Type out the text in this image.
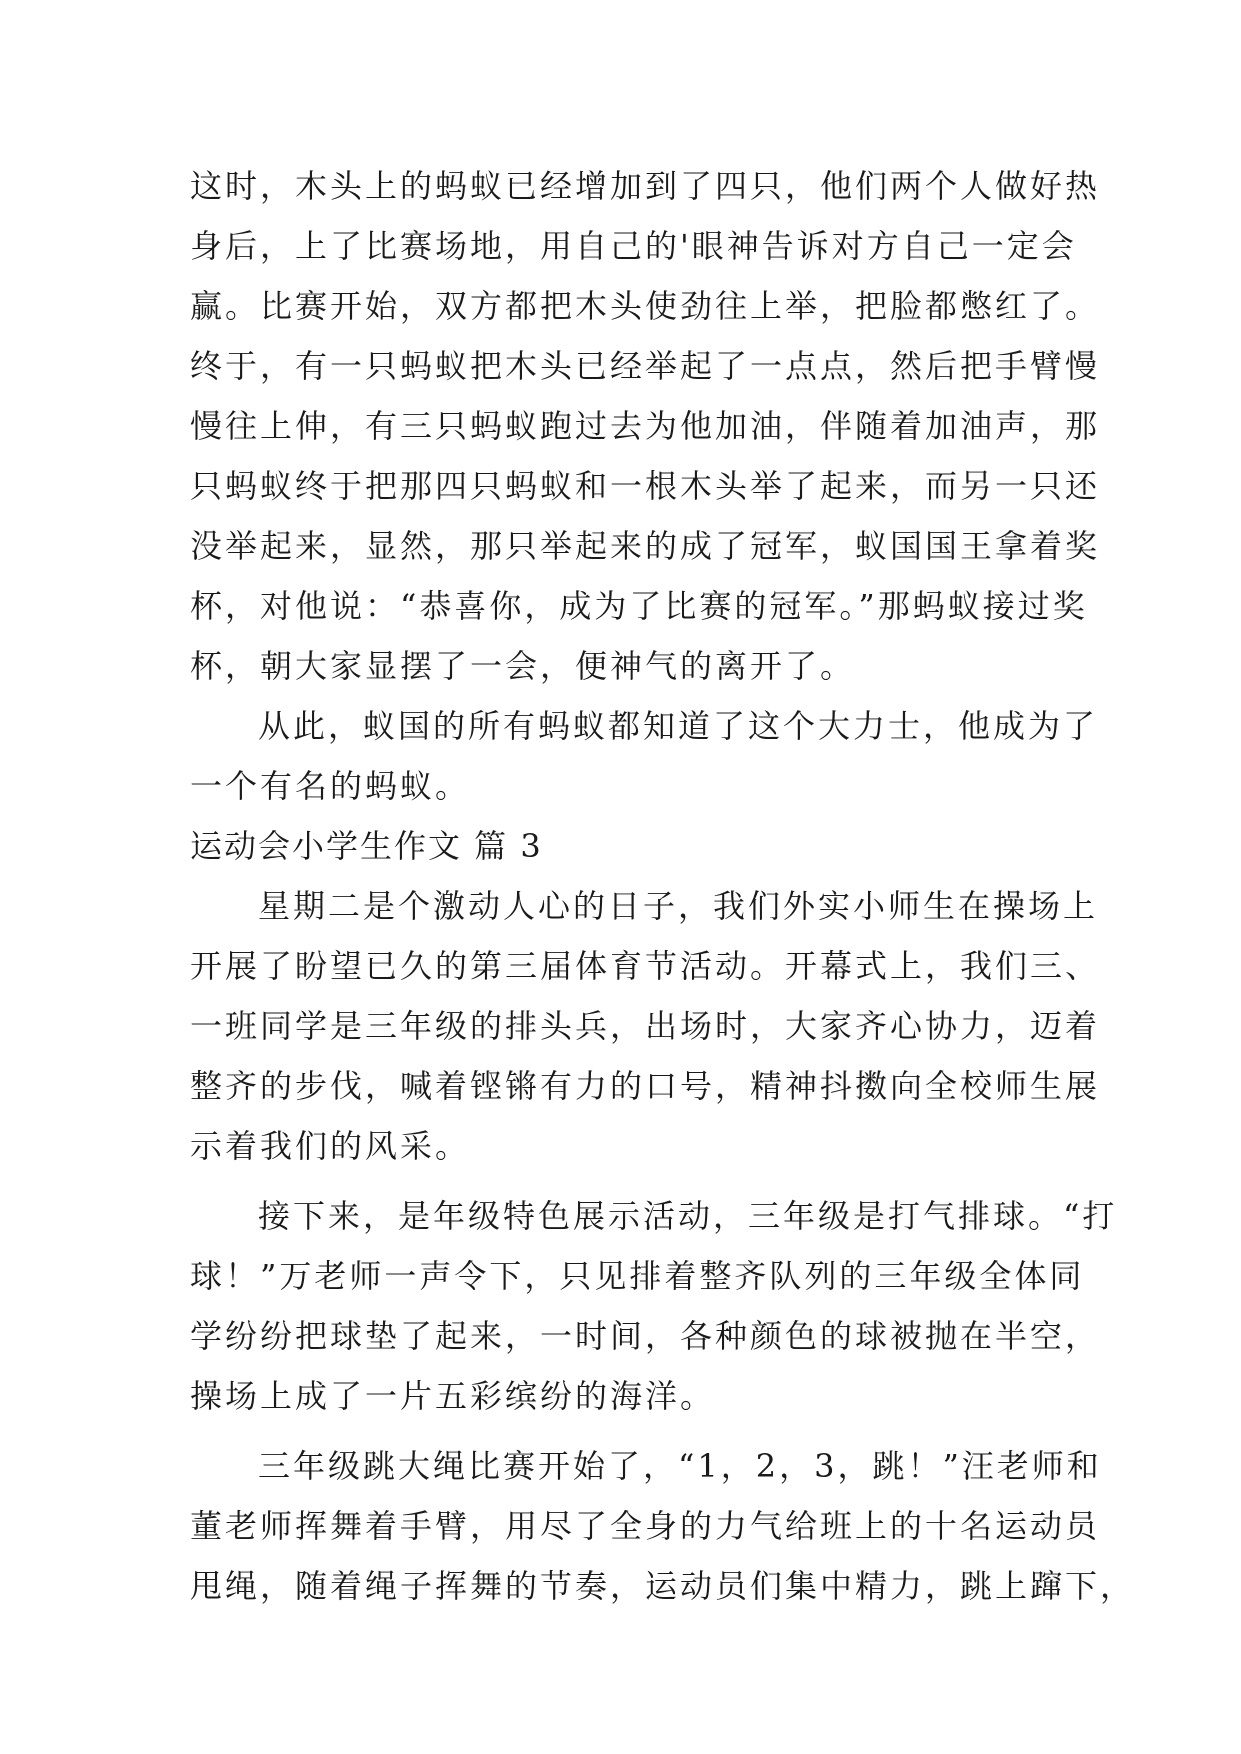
这时，木头上的蚂蚁已经增加到了四只，他们两个人做好热
身后，上了比赛场地，用自己的'眼神告诉对方自己一定会
赢。比赛开始，双方都把木头使劲往上举，把脸都憋红了。
终于，有一只蚂蚁把木头已经举起了一点点，然后把手臂慢
慢往上伸，有三只蚂蚁跑过去为他加油，伴随着加油声，那
只蚂蚁终于把那四只蚂蚁和一根木头举了起来，而另一只还
没举起来，显然，那只举起来的成了冠军，蚁国国王拿着奖
杯，对他说：“恭喜你，成为了比赛的冠军。”那蚂蚁接过奖
杯，朝大家显摆了一会，便神气的离开了。
从此，蚁国的所有蚂蚁都知道了这个大力士，他成为了
一个有名的蚂蚁。
运动会小学生作文 篇 3
星期二是个激动人心的日子，我们外实小师生在操场上
开展了盼望已久的第三届体育节活动。开幕式上，我们三、
一班同学是三年级的排头兵，出场时，大家齐心协力，迈着
整齐的步伐，喊着铿锵有力的口号，精神抖擞向全校师生展
示着我们的风采。
接下来，是年级特色展示活动，三年级是打气排球。“打
球！”万老师一声令下，只见排着整齐队列的三年级全体同
学纷纷把球垫了起来，一时间，各种颜色的球被抛在半空，
操场上成了一片五彩缤纷的海洋。
三年级跳大绳比赛开始了，“1，2，3，跳！”汪老师和
董老师挥舞着手臂，用尽了全身的力气给班上的十名运动员
甩绳，随着绳子挥舞的节奏，运动员们集中精力，跳上蹿下，
